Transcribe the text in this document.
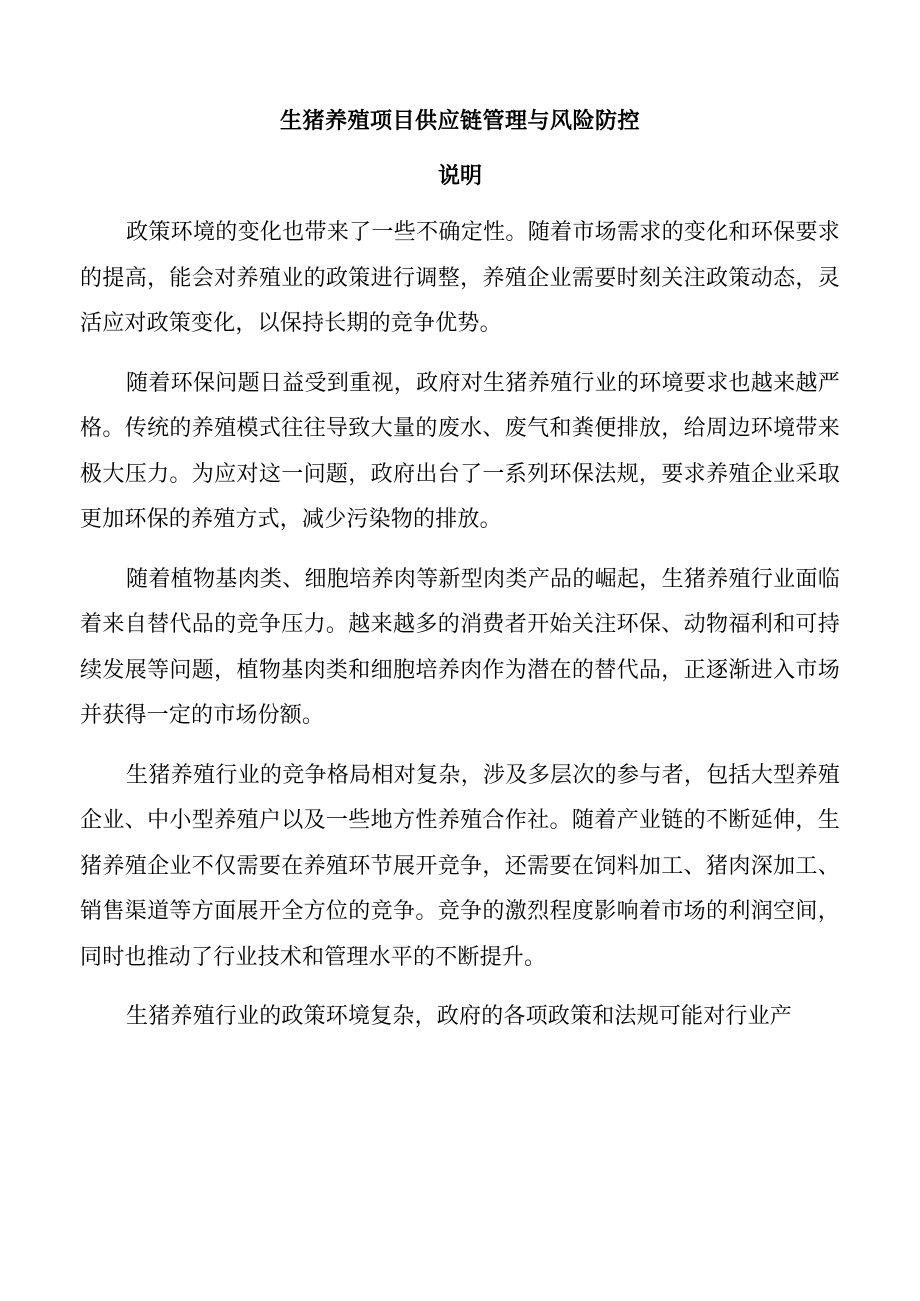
生猪养殖项目供应链管理与风险防控
说明

政策环境的变化也带来了一些不确定性。随着市场需求的变化和环保要求的提高，能会对养殖业的政策进行调整，养殖企业需要时刻关注政策动态，灵活应对政策变化，以保持长期的竞争优势。

随着环保问题日益受到重视，政府对生猪养殖行业的环境要求也越来越严格。传统的养殖模式往往导致大量的废水、废气和粪便排放，给周边环境带来极大压力。为应对这一问题，政府出台了一系列环保法规，要求养殖企业采取更加环保的养殖方式，减少污染物的排放。

随着植物基肉类、细胞培养肉等新型肉类产品的崛起，生猪养殖行业面临着来自替代品的竞争压力。越来越多的消费者开始关注环保、动物福利和可持续发展等问题，植物基肉类和细胞培养肉作为潜在的替代品，正逐渐进入市场并获得一定的市场份额。

生猪养殖行业的竞争格局相对复杂，涉及多层次的参与者，包括大型养殖企业、中小型养殖户以及一些地方性养殖合作社。随着产业链的不断延伸，生猪养殖企业不仅需要在养殖环节展开竞争，还需要在饲料加工、猪肉深加工、销售渠道等方面展开全方位的竞争。竞争的激烈程度影响着市场的利润空间，同时也推动了行业技术和管理水平的不断提升。

生猪养殖行业的政策环境复杂，政府的各项政策和法规可能对行业产
